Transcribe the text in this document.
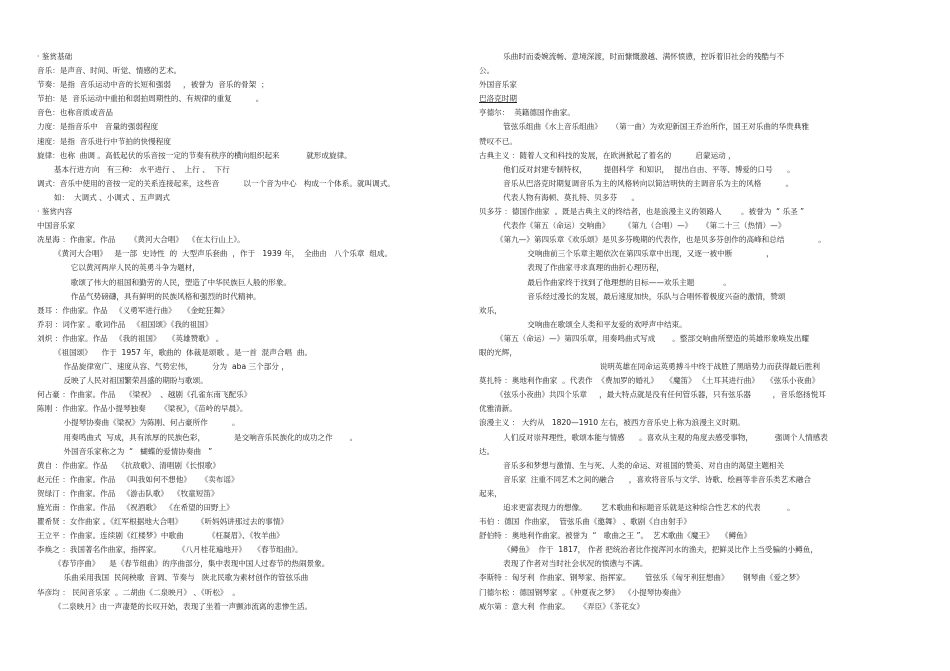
· 鉴赏基础
音乐：是声音、时间、听觉、情感的艺术。
节奏：是指  音乐运动中音的长短和强弱     ，被誉为  音乐的骨架  ；
节拍：是  音乐运动中重拍和弱拍周期性的、有规律的重复          。
音色：也称音质或音品
力度：是指音乐中   音量的强弱程度
速度：是指  音乐进行中节拍的快慢程度
旋律：也称  曲调 。高低起伏的乐音按一定的节奏有秩序的横向组织起来           就形成旋律。
基本行进方向   有三种:   水平进行 、  上行 、  下行
调式：音乐中使用的音按一定的关系连接起来，这些音          以一个音为中心   构成一个体系。就叫调式。
如：  大调式 、小调式 、五声调式
· 鉴赏内容
中国音乐家
冼星海 ：作曲家。作品      《黄河大合唱》  《在太行山上》。
《黄河大合唱》   是一部  史诗性  的  大型声乐套曲  ，作于   1939 年，  全曲由   八个乐章  组成。
它以黄河两岸人民的英勇斗争为题材，
歌颂了伟大的祖国和勤劳的人民，塑造了中华民族巨人般的形象。
作品气势磅礴，具有鲜明的民族风格和强烈的时代精神。
聂耳 ：作曲家。作品   《义勇军进行曲》   《金蛇狂舞》
乔羽 ：词作家 。歌词作品   《祖国颂》《我的祖国》
刘炽 ：作曲家。作品   《我的祖国》   《英雄赞歌》 。
《祖国颂》    作于  1957 年，歌曲的  体裁是颂歌 。是一首  混声合唱  曲。
作品旋律宽广、速度从容、气势宏伟，        分为  aba 三个部分 ，
反映了人民对祖国繁荣昌盛的期盼与歌颂。
何占豪 ：作曲家。作品    《梁祝》  、越剧《孔雀东南飞配乐》
陈刚 ：作曲家。作品小提琴独奏      《梁祝》，《苗岭的早晨》。
小提琴协奏曲《梁祝》为陈刚、何占豪所作          。
用奏鸣曲式  写成，具有浓厚的民族色彩，            是交响音乐民族化的成功之作       。
外国音乐家称之为  “   蝴蝶的爱情协奏曲   ”
黄自 ：作曲家。作品    《抗敌歌》、清唱剧《长恨歌》
赵元任 ：作曲家。作品   《叫我如何不想他》    《卖布谣》
贺绿汀 ：作曲家。作品   《游击队歌》  《牧童短笛》
施光南 ：作曲家。作品   《祝酒歌》  《在希望的田野上》
瞿希贤 ：女作曲家 。《红军根据地大合唱》      《听妈妈讲那过去的事情》
王立平 ：作曲家。连续剧《红楼梦》中歌曲          《枉凝眉》、《牧羊曲》
李焕之 ：我国著名作曲家，指挥家。       《八月桂花遍地开》   《春节组曲》。
《春节序曲》    是《春节组曲》的序曲部分，集中表现中国人过春节的热闹景象。
乐曲采用我国  民间秧歌  音调、节奏与   陕北民歌为素材创作的管弦乐曲
华彦均 ： 民间音乐家  。二胡曲《二泉映月》 、《听松》  。
《二泉映月》由一声凄楚的长叹开始，表现了坐着一声颤沛流离的悲惨生活。
乐曲时而委婉流畅、意境深渡，时而慷慨激越、满怀愤懑，控诉着旧社会的残酷与不
公。
外国音乐家
巴洛克时期
亨德尔：  英籍德国作曲家。
管弦乐组曲《水上音乐组曲》    （第一曲）为欢迎新国王乔治所作，国王对乐曲的华贵典雅
赞叹不已。
古典主义 ：随着人文和科技的发展，在欧洲掀起了着名的          启蒙运动 ，
他们反对封建专制特权，       提倡科学  和知识，  提出自由、平等、博爱的口号      。
音乐从巴洛克时期复调音乐为主的风格转向以简洁明快的主调音乐为主的风格          。
代表人物有海顿、莫扎特、贝多芬      。
贝多芬 ：德国作曲家  。既是古典主义的终结者，也是浪漫主义的领路人        。被誉为  “ 乐圣 ”
代表作《第五（命运）交响曲》      《第九（合唱）—》    《第二十三（热情）—》
《第九—》第四乐章《欢乐颂》是贝多芬晚期的代表作，也是贝多芬创作的高峰和总结              。
交响曲前三个乐章主题依次在第四乐章中出现，又逐一被中断              ，
表现了作曲家寻求真理的曲折心理历程，
最后作曲家终于找到了他理想的目标——欢乐主题            。
音乐经过漫长的发展，最后速度加快，乐队与合唱怀着极度兴奋的激情，赞颂
欢乐，
交响曲在歌颂全人类和平友爱的欢呼声中结束。
《第五（命运）—》第四乐章，用奏鸣曲式写成       。整部交响曲所塑造的英雄形象唤发出耀
眼的光辉，
说明英雄在同命运英勇搏斗中终于战胜了黑暗势力而获得最后胜利
莫扎特 ：奥地利作曲家  。代表作  《费加罗的婚礼》   《魔笛》 《土耳其进行曲》   《弦乐小夜曲》
《弦乐小夜曲》共四个乐章     ，最大特点就是没有任何管乐器，只有弦乐器         ，音乐悠扬悦耳
优雅清新。
浪漫主义 ： 大约从   1820—1910 左右，被西方音乐史上称为浪漫主义时期。
人们反对崇拜理性，歌颂本能与情感      。喜欢从主观的角度去感受事物，         强调个人情感表
达。
音乐多和梦想与激情、生与死、人类的命运、对祖国的赞美、对自由的渴望主题相关
音乐家  注重不同艺术之间的融合      ，喜欢将音乐与文学、诗歌、绘画等非音乐类艺术融合
起来，
追求更富表现力的想像。      艺术歌曲和标题音乐就是这种综合性艺术的代表           。
韦伯 ：德国  作曲家，  管弦乐曲《邀舞》 、歌剧《自由射手》
舒伯特 ：奥地利作曲家。被誉为  “   歌曲之王 ”。  艺术歌曲《魔王》   《鳟鱼》
《鳟鱼》  作于  1817， 作者 把统治者比作搅浑河水的渔夫，把鲜灵比作上当受骗的小鳟鱼，
表现了作者对当时社会状况的愤懑与不满。
李斯特 ：匈牙利  作曲家、钢琴家、指挥家。      管弦乐《匈牙利狂想曲》      钢琴曲《爱之梦》
门德尔松 ：德国钢琴家  。《仲夏夜之梦》  《小提琴协奏曲》
威尔第 ：意大利  作曲家。    《弄臣》《茶花女》
